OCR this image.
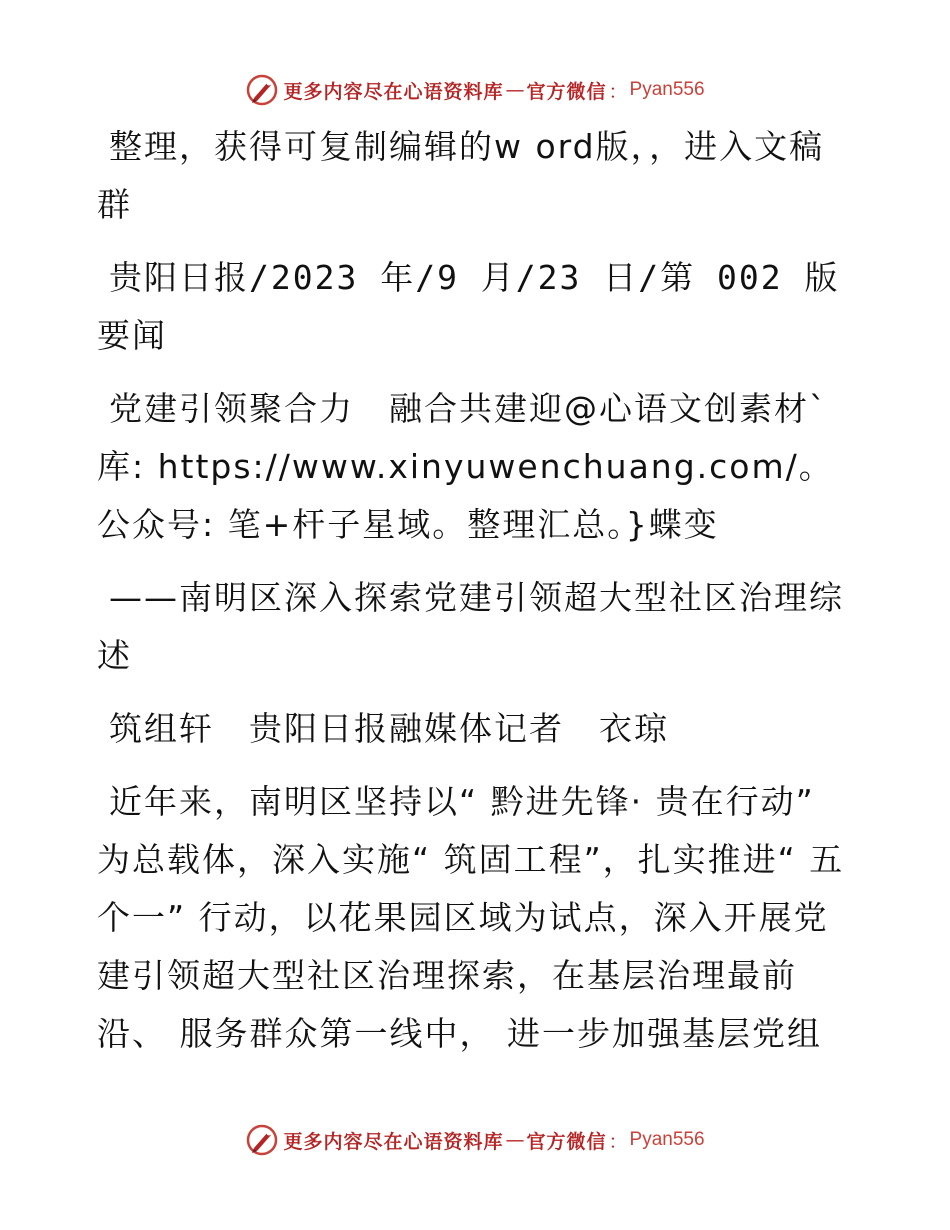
更多内容尽在心语资料库 — 官方微信 ： Pyan556

整理，获得可复制编辑的w ord版，，进入文稿群

贵阳日报/2023 年/9 月/23 日/第 002 版要闻

党建引领聚合力　融合共建迎@心语文创素材`库: https://www.xinyuwenchuang.com/。公众号: 笔+杆子星域。整理汇总。}蝶变

——南明区深入探索党建引领超大型社区治理综述

筑组轩　贵阳日报融媒体记者　衣琼

近年来，南明区坚持以“ 黔进先锋· 贵在行动” 为总载体，深入实施“ 筑固工程”，扎实推进“ 五个一” 行动，以花果园区域为试点，深入开展党建引领超大型社区治理探索，在基层治理最前沿、 服务群众第一线中， 进一步加强基层党组

更多内容尽在心语资料库 — 官方微信 ： Pyan556
